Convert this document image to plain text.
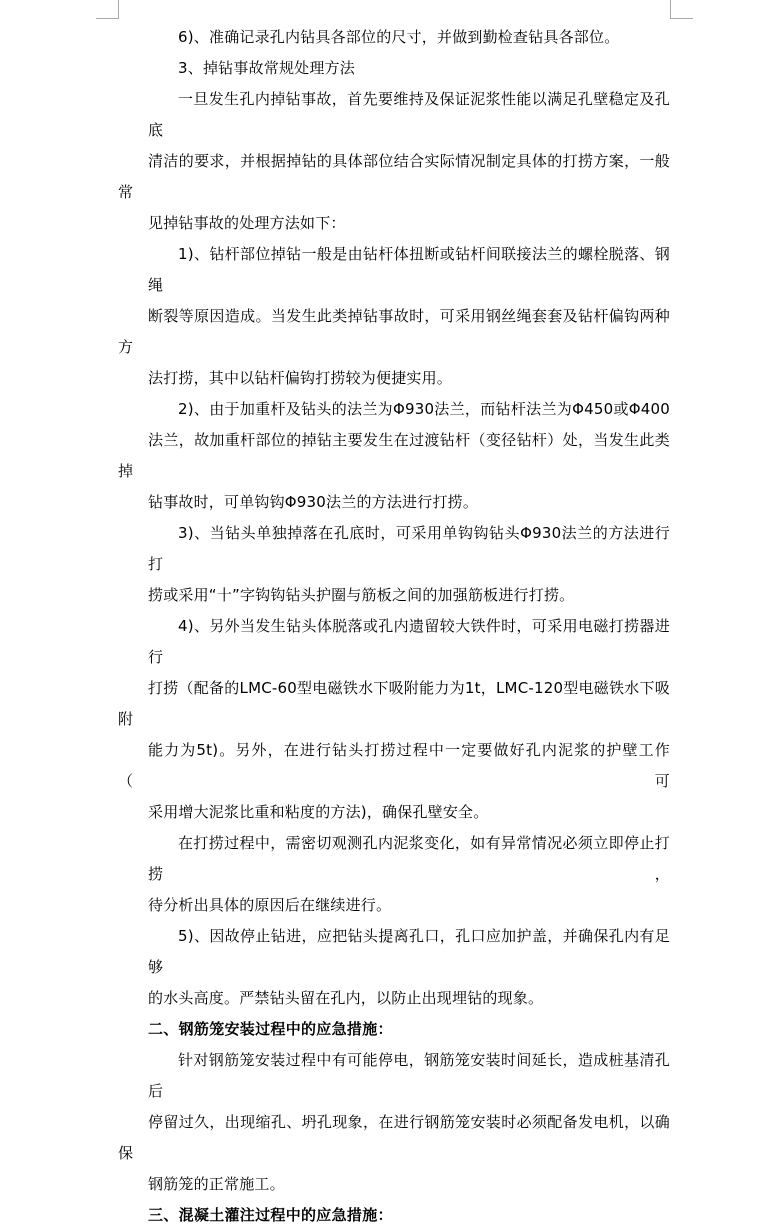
6)、准确记录孔内钻具各部位的尺寸，并做到勤检查钻具各部位。

3、掉钻事故常规处理方法

一旦发生孔内掉钻事故，首先要维持及保证泥浆性能以满足孔壁稳定及孔底
清洁的要求，并根据掉钻的具体部位结合实际情况制定具体的打捞方案，一般常
见掉钻事故的处理方法如下：

1)、钻杆部位掉钻一般是由钻杆体扭断或钻杆间联接法兰的螺栓脱落、钢绳
断裂等原因造成。当发生此类掉钻事故时，可采用钢丝绳套套及钻杆偏钩两种方
法打捞，其中以钻杆偏钩打捞较为便捷实用。

2)、由于加重杆及钻头的法兰为Φ930法兰，而钻杆法兰为Φ450或Φ400
法兰，故加重杆部位的掉钻主要发生在过渡钻杆（变径钻杆）处，当发生此类掉
钻事故时，可单钩钩Φ930法兰的方法进行打捞。

3)、当钻头单独掉落在孔底时，可采用单钩钩钻头Φ930法兰的方法进行打
捞或采用“十”字钩钩钻头护圈与筋板之间的加强筋板进行打捞。

4)、另外当发生钻头体脱落或孔内遗留较大铁件时，可采用电磁打捞器进行
打捞（配备的LMC-60型电磁铁水下吸附能力为1t，LMC-120型电磁铁水下吸附
能力为5t)。另外，在进行钻头打捞过程中一定要做好孔内泥浆的护壁工作（可
采用增大泥浆比重和粘度的方法)，确保孔壁安全。

在打捞过程中，需密切观测孔内泥浆变化，如有异常情况必须立即停止打捞，
待分析出具体的原因后在继续进行。

5)、因故停止钻进，应把钻头提离孔口，孔口应加护盖，并确保孔内有足够
的水头高度。严禁钻头留在孔内，以防止出现埋钻的现象。

二、钢筋笼安装过程中的应急措施：

针对钢筋笼安装过程中有可能停电，钢筋笼安装时间延长，造成桩基清孔后
停留过久，出现缩孔、坍孔现象，在进行钢筋笼安装时必须配备发电机，以确保
钢筋笼的正常施工。

三、混凝土灌注过程中的应急措施：
